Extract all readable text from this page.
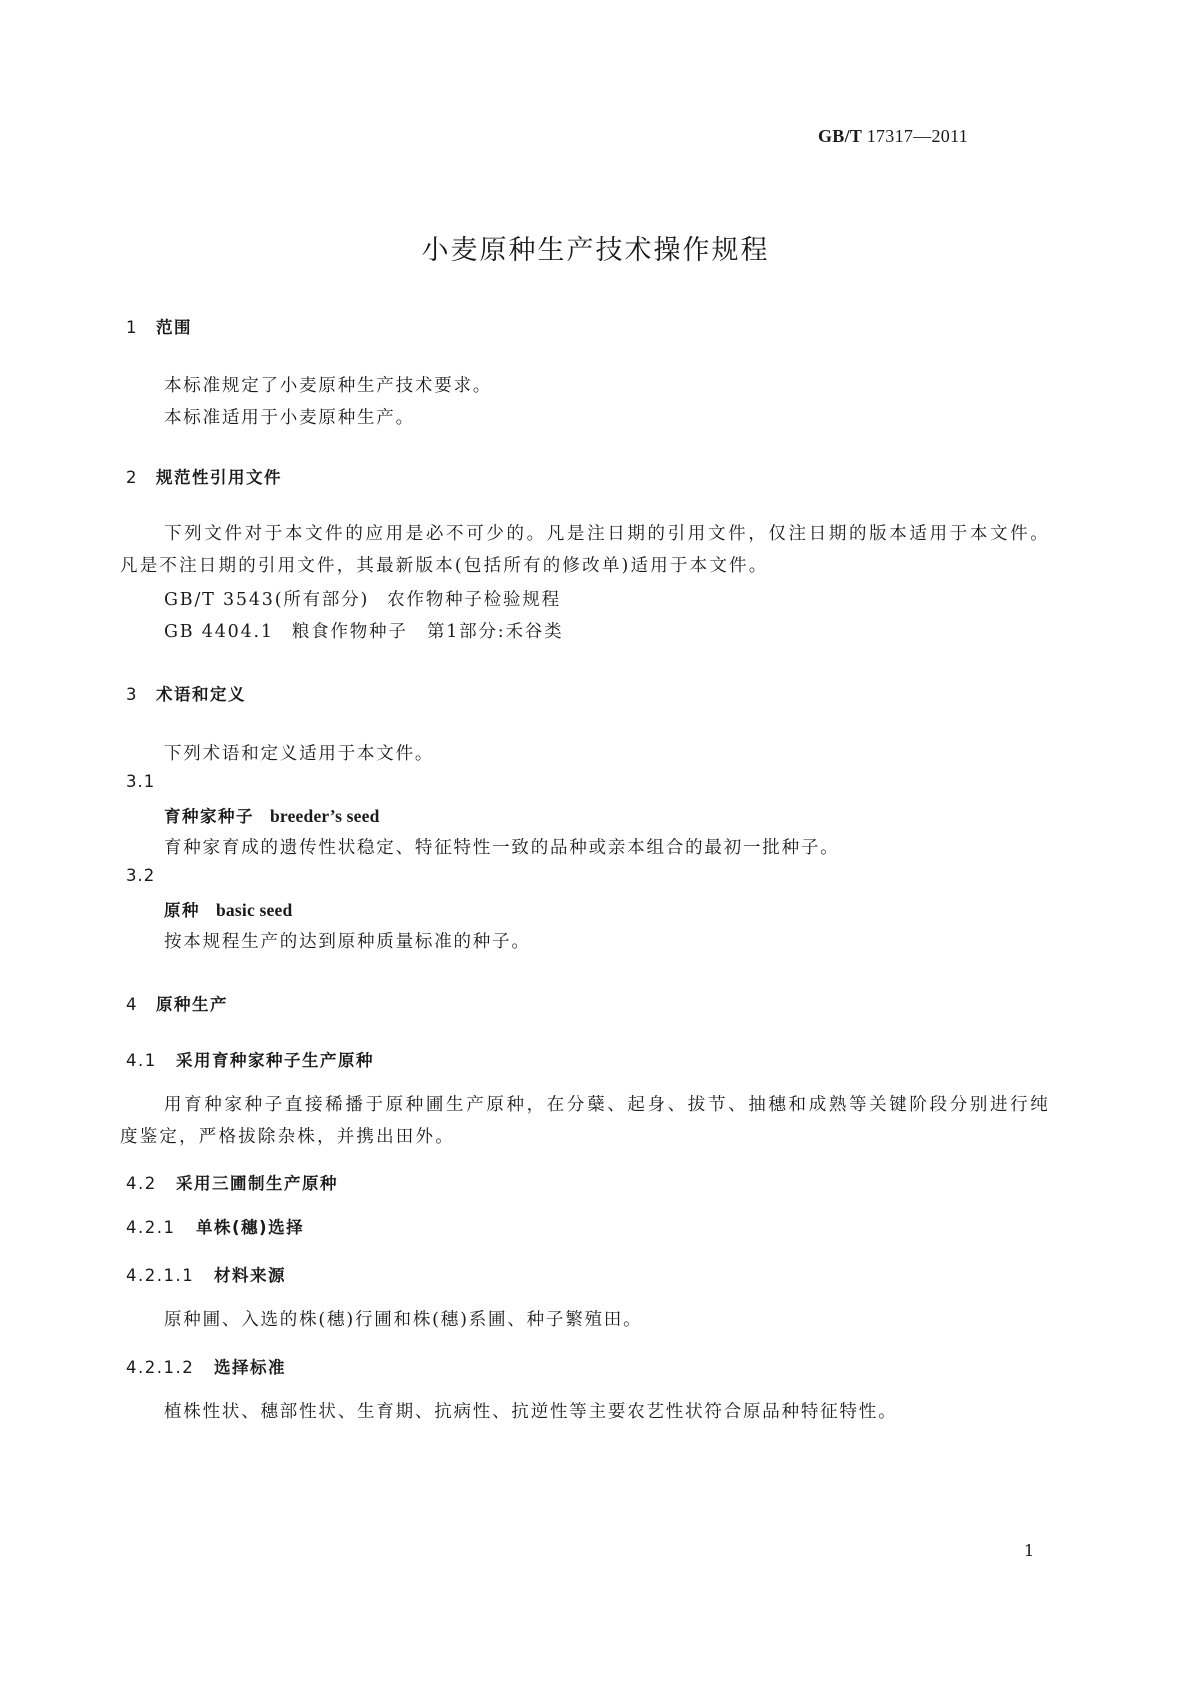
GB/T 17317—2011
小麦原种生产技术操作规程
1 范围
本标准规定了小麦原种生产技术要求。
本标准适用于小麦原种生产。
2 规范性引用文件
下列文件对于本文件的应用是必不可少的。凡是注日期的引用文件，仅注日期的版本适用于本文件。凡是不注日期的引用文件，其最新版本(包括所有的修改单)适用于本文件。
GB/T 3543(所有部分) 农作物种子检验规程
GB 4404.1 粮食作物种子　第1部分:禾谷类
3 术语和定义
下列术语和定义适用于本文件。
3.1
育种家种子 breeder’s seed
育种家育成的遗传性状稳定、特征特性一致的品种或亲本组合的最初一批种子。
3.2
原种 basic seed
按本规程生产的达到原种质量标准的种子。
4 原种生产
4.1 采用育种家种子生产原种
用育种家种子直接稀播于原种圃生产原种，在分蘖、起身、拔节、抽穗和成熟等关键阶段分别进行纯度鉴定，严格拔除杂株，并携出田外。
4.2 采用三圃制生产原种
4.2.1 单株(穗)选择
4.2.1.1 材料来源
原种圃、入选的株(穗)行圃和株(穗)系圃、种子繁殖田。
4.2.1.2 选择标准
植株性状、穗部性状、生育期、抗病性、抗逆性等主要农艺性状符合原品种特征特性。
1
